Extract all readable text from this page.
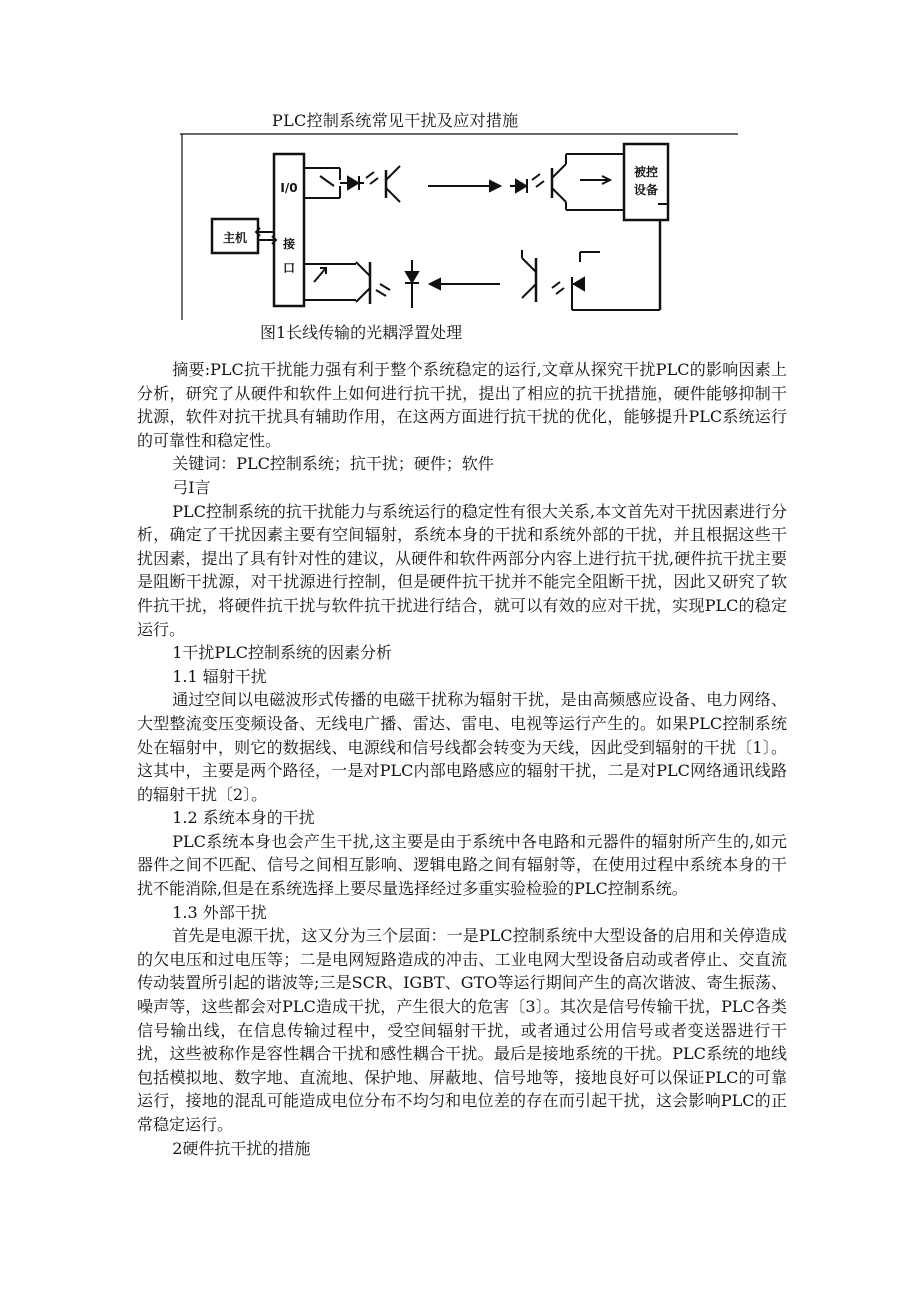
PLC控制系统常见干扰及应对措施
主机
I/0
接
口
被控
设备
图1长线传输的光耦浮置处理

摘要:PLC抗干扰能力强有利于整个系统稳定的运行,文章从探究干扰PLC的影响因素上分析，研究了从硬件和软件上如何进行抗干扰，提出了相应的抗干扰措施，硬件能够抑制干扰源，软件对抗干扰具有辅助作用，在这两方面进行抗干扰的优化，能够提升PLC系统运行的可靠性和稳定性。

关键词：PLC控制系统；抗干扰；硬件；软件

弓I言

PLC控制系统的抗干扰能力与系统运行的稳定性有很大关系,本文首先对干扰因素进行分析，确定了干扰因素主要有空间辐射，系统本身的干扰和系统外部的干扰，并且根据这些干扰因素，提出了具有针对性的建议，从硬件和软件两部分内容上进行抗干扰,硬件抗干扰主要是阻断干扰源，对干扰源进行控制，但是硬件抗干扰并不能完全阻断干扰，因此又研究了软件抗干扰，将硬件抗干扰与软件抗干扰进行结合，就可以有效的应对干扰，实现PLC的稳定运行。

1干扰PLC控制系统的因素分析

1.1 辐射干扰

通过空间以电磁波形式传播的电磁干扰称为辐射干扰，是由高频感应设备、电力网络、大型整流变压变频设备、无线电广播、雷达、雷电、电视等运行产生的。如果PLC控制系统处在辐射中，则它的数据线、电源线和信号线都会转变为天线，因此受到辐射的干扰〔1〕。这其中，主要是两个路径，一是对PLC内部电路感应的辐射干扰，二是对PLC网络通讯线路的辐射干扰〔2〕。

1.2 系统本身的干扰

PLC系统本身也会产生干扰,这主要是由于系统中各电路和元器件的辐射所产生的,如元器件之间不匹配、信号之间相互影响、逻辑电路之间有辐射等，在使用过程中系统本身的干扰不能消除,但是在系统选择上要尽量选择经过多重实验检验的PLC控制系统。

1.3 外部干扰

首先是电源干扰，这又分为三个层面：一是PLC控制系统中大型设备的启用和关停造成的欠电压和过电压等；二是电网短路造成的冲击、工业电网大型设备启动或者停止、交直流传动装置所引起的谐波等;三是SCR、IGBT、GTO等运行期间产生的高次谐波、寄生振荡、噪声等，这些都会对PLC造成干扰，产生很大的危害〔3〕。其次是信号传输干扰，PLC各类信号输出线，在信息传输过程中，受空间辐射干扰，或者通过公用信号或者变送器进行干扰，这些被称作是容性耦合干扰和感性耦合干扰。最后是接地系统的干扰。PLC系统的地线包括模拟地、数字地、直流地、保护地、屏蔽地、信号地等，接地良好可以保证PLC的可靠运行，接地的混乱可能造成电位分布不均匀和电位差的存在而引起干扰，这会影响PLC的正常稳定运行。

2硬件抗干扰的措施
